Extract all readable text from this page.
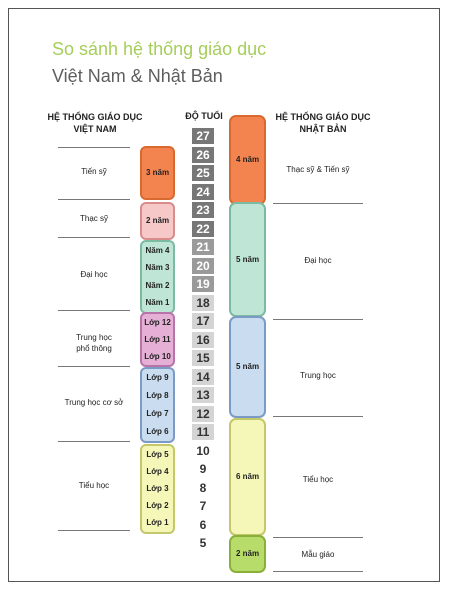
So sánh hệ thống giáo dục
Việt Nam & Nhật Bản
HỆ THỐNG GIÁO DỤC
VIỆT NAM
ĐỘ TUỔI	HỆ THỐNG GIÁO DỤC
NHẬT BẢN
27
26
25
24
23
22
21
20
19
18
17
16
15
14
13
12
11
10
9
8
7
6
5
3 năm
2 năm
Năm 4
Năm 3
Năm 2
Năm 1
Lớp 12
Lớp 11
Lớp 10
Lớp 9
Lớp 8
Lớp 7
Lớp 6
Lớp 5
Lớp 4
Lớp 3
Lớp 2
Lớp 1
4 năm
5 năm
5 năm
6 năm
2 năm
Tiến sỹ
Thạc sỹ
Đại học
Trung học
phổ thông
Trung học cơ sở
Tiểu học
Thạc sỹ & Tiến sỹ
Đại học
Trung học
Tiểu học
Mẫu giáo
